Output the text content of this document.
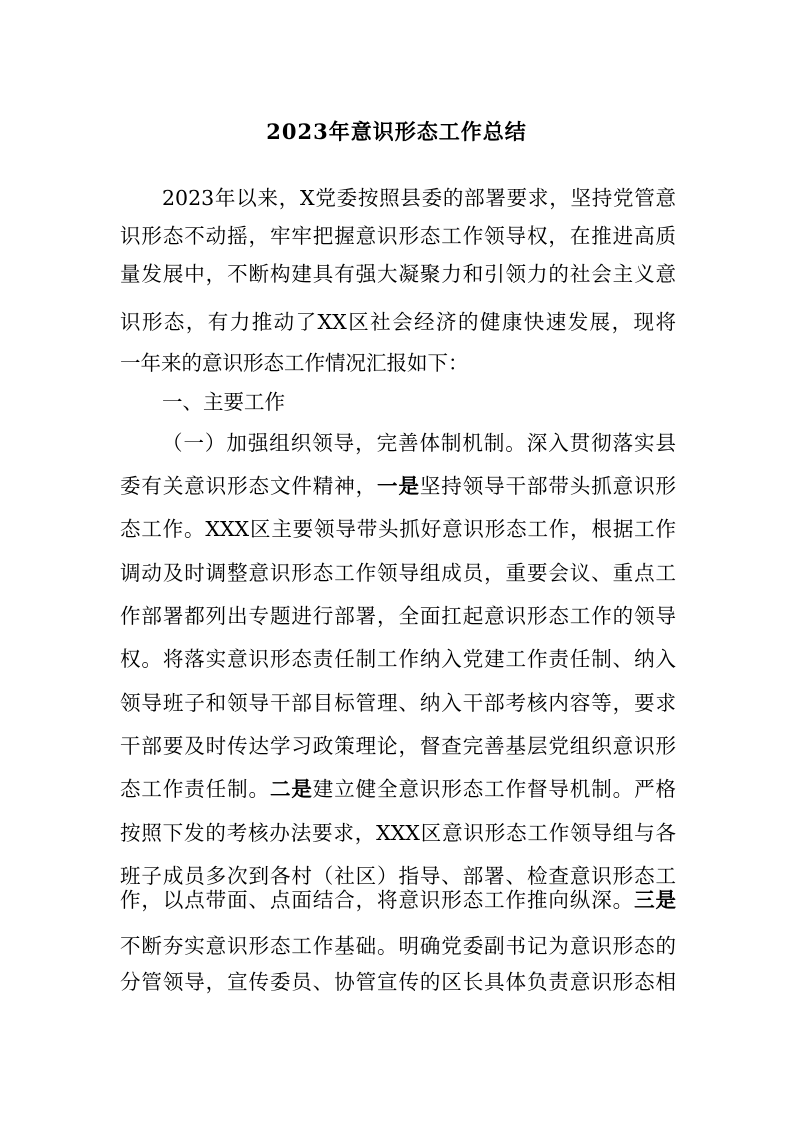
2023年意识形态工作总结
2023年以来，X党委按照县委的部署要求，坚持党管意
识形态不动摇，牢牢把握意识形态工作领导权，在推进高质
量发展中，不断构建具有强大凝聚力和引领力的社会主义意
识形态，有力推动了XX区社会经济的健康快速发展，现将
一年来的意识形态工作情况汇报如下：
一、主要工作
（一）加强组织领导，完善体制机制。深入贯彻落实县
委有关意识形态文件精神，一是坚持领导干部带头抓意识形
态工作。XXX区主要领导带头抓好意识形态工作，根据工作
调动及时调整意识形态工作领导组成员，重要会议、重点工
作部署都列出专题进行部署，全面扛起意识形态工作的领导
权。将落实意识形态责任制工作纳入党建工作责任制、纳入
领导班子和领导干部目标管理、纳入干部考核内容等，要求
干部要及时传达学习政策理论，督查完善基层党组织意识形
态工作责任制。二是建立健全意识形态工作督导机制。严格
按照下发的考核办法要求，XXX区意识形态工作领导组与各
班子成员多次到各村（社区）指导、部署、检查意识形态工
作，以点带面、点面结合，将意识形态工作推向纵深。三是
不断夯实意识形态工作基础。明确党委副书记为意识形态的
分管领导，宣传委员、协管宣传的区长具体负责意识形态相
